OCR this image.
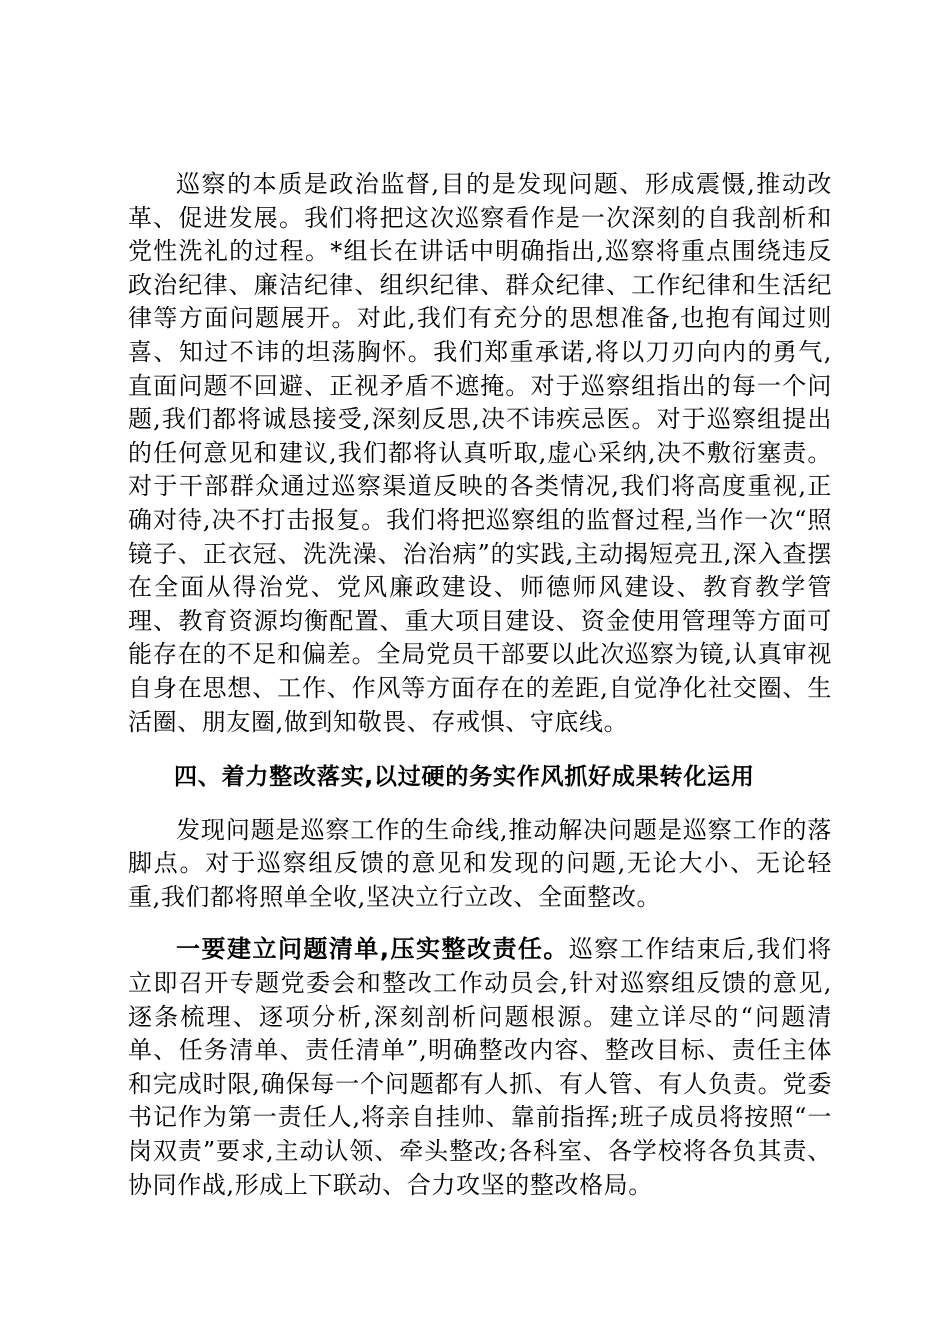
巡察的本质是政治监督,目的是发现问题、形成震慑,推动改革、促进发展。我们将把这次巡察看作是一次深刻的自我剖析和党性洗礼的过程。*组长在讲话中明确指出,巡察将重点围绕违反政治纪律、廉洁纪律、组织纪律、群众纪律、工作纪律和生活纪律等方面问题展开。对此,我们有充分的思想准备,也抱有闻过则喜、知过不讳的坦荡胸怀。我们郑重承诺,将以刀刃向内的勇气,直面问题不回避、正视矛盾不遮掩。对于巡察组指出的每一个问题,我们都将诚恳接受,深刻反思,决不讳疾忌医。对于巡察组提出的任何意见和建议,我们都将认真听取,虚心采纳,决不敷衍塞责。对于干部群众通过巡察渠道反映的各类情况,我们将高度重视,正确对待,决不打击报复。我们将把巡察组的监督过程,当作一次“照镜子、正衣冠、洗洗澡、治治病”的实践,主动揭短亮丑,深入查摆在全面从得治党、党风廉政建设、师德师风建设、教育教学管理、教育资源均衡配置、重大项目建设、资金使用管理等方面可能存在的不足和偏差。全局党员干部要以此次巡察为镜,认真审视自身在思想、工作、作风等方面存在的差距,自觉净化社交圈、生活圈、朋友圈,做到知敬畏、存戒惧、守底线。

四、着力整改落实,以过硬的务实作风抓好成果转化运用

发现问题是巡察工作的生命线,推动解决问题是巡察工作的落脚点。对于巡察组反馈的意见和发现的问题,无论大小、无论轻重,我们都将照单全收,坚决立行立改、全面整改。

一要建立问题清单,压实整改责任。巡察工作结束后,我们将立即召开专题党委会和整改工作动员会,针对巡察组反馈的意见,逐条梳理、逐项分析,深刻剖析问题根源。建立详尽的“问题清单、任务清单、责任清单”,明确整改内容、整改目标、责任主体和完成时限,确保每一个问题都有人抓、有人管、有人负责。党委书记作为第一责任人,将亲自挂帅、靠前指挥;班子成员将按照“一岗双责”要求,主动认领、牵头整改;各科室、各学校将各负其责、协同作战,形成上下联动、合力攻坚的整改格局。
